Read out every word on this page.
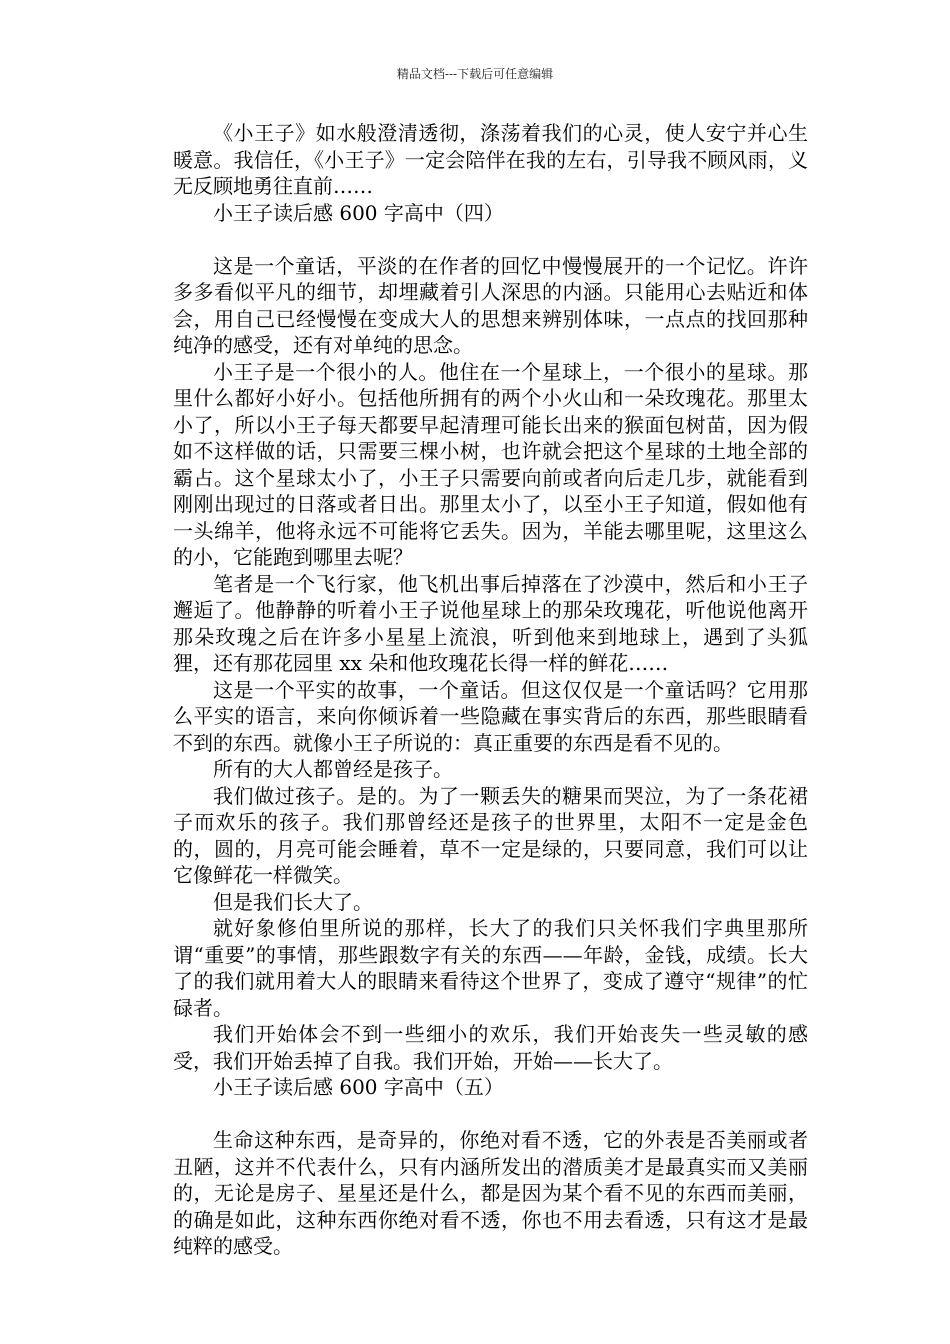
精品文档---下载后可任意编辑

《小王子》如水般澄清透彻，涤荡着我们的心灵，使人安宁并心生暖意。我信任，《小王子》一定会陪伴在我的左右，引导我不顾风雨，义无反顾地勇往直前……

小王子读后感 600 字高中（四）

这是一个童话，平淡的在作者的回忆中慢慢展开的一个记忆。许许多多看似平凡的细节，却埋藏着引人深思的内涵。只能用心去贴近和体会，用自己已经慢慢在变成大人的思想来辨别体味，一点点的找回那种纯净的感受，还有对单纯的思念。

小王子是一个很小的人。他住在一个星球上，一个很小的星球。那里什么都好小好小。包括他所拥有的两个小火山和一朵玫瑰花。那里太小了，所以小王子每天都要早起清理可能长出来的猴面包树苗，因为假如不这样做的话，只需要三棵小树，也许就会把这个星球的土地全部的霸占。这个星球太小了，小王子只需要向前或者向后走几步，就能看到刚刚出现过的日落或者日出。那里太小了，以至小王子知道，假如他有一头绵羊，他将永远不可能将它丢失。因为，羊能去哪里呢，这里这么的小，它能跑到哪里去呢？

笔者是一个飞行家，他飞机出事后掉落在了沙漠中，然后和小王子邂逅了。他静静的听着小王子说他星球上的那朵玫瑰花，听他说他离开那朵玫瑰之后在许多小星星上流浪，听到他来到地球上，遇到了头狐狸，还有那花园里 xx 朵和他玫瑰花长得一样的鲜花……

这是一个平实的故事，一个童话。但这仅仅是一个童话吗？它用那么平实的语言，来向你倾诉着一些隐藏在事实背后的东西，那些眼睛看不到的东西。就像小王子所说的：真正重要的东西是看不见的。

所有的大人都曾经是孩子。

我们做过孩子。是的。为了一颗丢失的糖果而哭泣，为了一条花裙子而欢乐的孩子。我们那曾经还是孩子的世界里，太阳不一定是金色的，圆的，月亮可能会睡着，草不一定是绿的，只要同意，我们可以让它像鲜花一样微笑。

但是我们长大了。

就好象修伯里所说的那样，长大了的我们只关怀我们字典里那所谓“重要”的事情，那些跟数字有关的东西——年龄，金钱，成绩。长大了的我们就用着大人的眼睛来看待这个世界了，变成了遵守“规律”的忙碌者。

我们开始体会不到一些细小的欢乐，我们开始丧失一些灵敏的感受，我们开始丢掉了自我。我们开始，开始——长大了。

小王子读后感 600 字高中（五）

生命这种东西，是奇异的，你绝对看不透，它的外表是否美丽或者丑陋，这并不代表什么，只有内涵所发出的潜质美才是最真实而又美丽的，无论是房子、星星还是什么，都是因为某个看不见的东西而美丽，的确是如此，这种东西你绝对看不透，你也不用去看透，只有这才是最纯粹的感受。
